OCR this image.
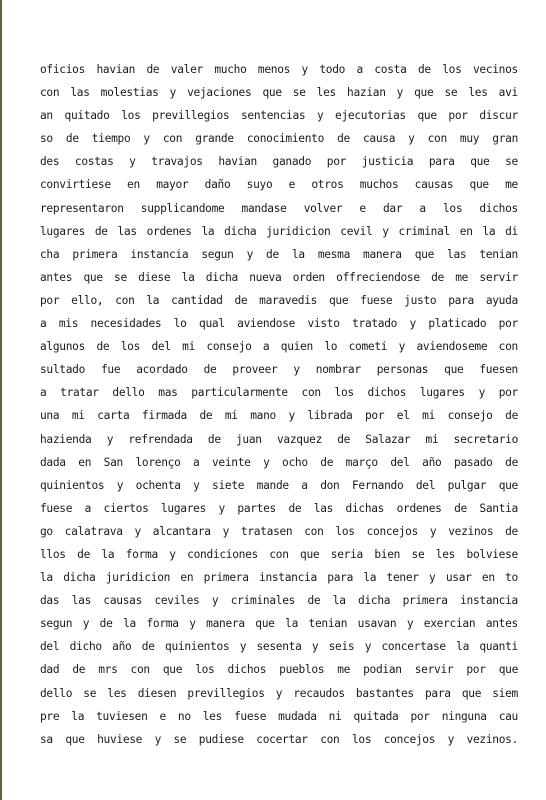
oficios havian de valer mucho menos y todo a costa de los vecinos
con las molestias y vejaciones que se les hazian y que se les avi
an quitado los previllegios sentencias y ejecutorias que por discur
so de tiempo y con grande conocimiento de causa y con muy gran
des costas y travajos havian ganado por justicia para que se
convirtiese en mayor daño suyo e otros muchos causas que me
representaron supplicandome mandase volver e dar a los dichos
lugares de las ordenes la dicha juridicion cevil y criminal en la di
cha primera instancia segun y de la mesma manera que las tenian
antes que se diese la dicha nueva orden offreciendose de me servir
por ello, con la cantidad de maravedis que fuese justo para ayuda
a mis necesidades lo qual aviendose visto tratado y platicado por
algunos de los del mi consejo a quien lo cometi y aviendoseme con
sultado fue acordado de proveer y nombrar personas que fuesen
a tratar dello mas particularmente con los dichos lugares y por
una mi carta firmada de mi mano y librada por el mi consejo de
hazienda y refrendada de juan vazquez de Salazar mi secretario
dada en San lorenço a veinte y ocho de março del año pasado de
quinientos y ochenta y siete mande a don Fernando del pulgar que
fuese a ciertos lugares y partes de las dichas ordenes de Santia
go calatrava y alcantara y tratasen con los concejos y vezinos de
llos de la forma y condiciones con que seria bien se les bolviese
la dicha juridicion en primera instancia para la tener y usar en to
das las causas ceviles y criminales de la dicha primera instancia
segun y de la forma y manera que la tenian usavan y exercian antes
del dicho año de quinientos y sesenta y seis y concertase la quanti
dad de mrs con que los dichos pueblos me podian servir por que
dello se les diesen previllegios y recaudos bastantes para que siem
pre la tuviesen e no les fuese mudada ni quitada por ninguna cau
sa que huviese y se pudiese cocertar con los concejos y vezinos.
